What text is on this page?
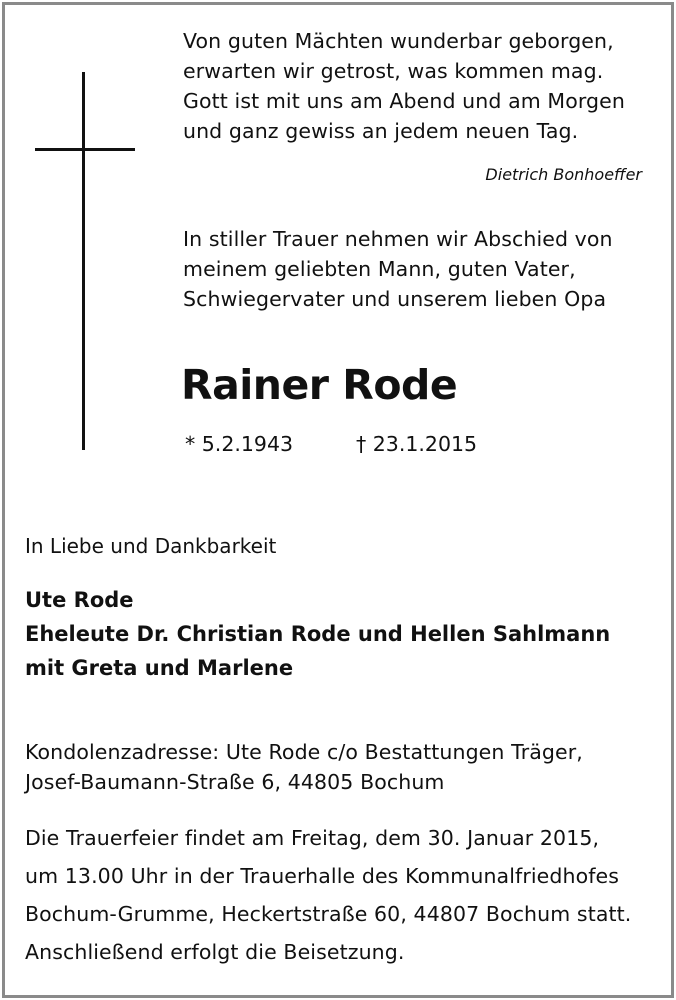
Von guten Mächten wunderbar geborgen,
erwarten wir getrost, was kommen mag.
Gott ist mit uns am Abend und am Morgen
und ganz gewiss an jedem neuen Tag.
Dietrich Bonhoeffer
In stiller Trauer nehmen wir Abschied von
meinem geliebten Mann, guten Vater,
Schwiegervater und unserem lieben Opa
Rainer Rode
* 5.2.1943	† 23.1.2015
In Liebe und Dankbarkeit
Ute Rode
Eheleute Dr. Christian Rode und Hellen Sahlmann
mit Greta und Marlene
Kondolenzadresse: Ute Rode c/o Bestattungen Träger,
Josef-Baumann-Straße 6, 44805 Bochum
Die Trauerfeier findet am Freitag, dem 30. Januar 2015,
um 13.00 Uhr in der Trauerhalle des Kommunalfriedhofes
Bochum-Grumme, Heckertstraße 60, 44807 Bochum statt.
Anschließend erfolgt die Beisetzung.
